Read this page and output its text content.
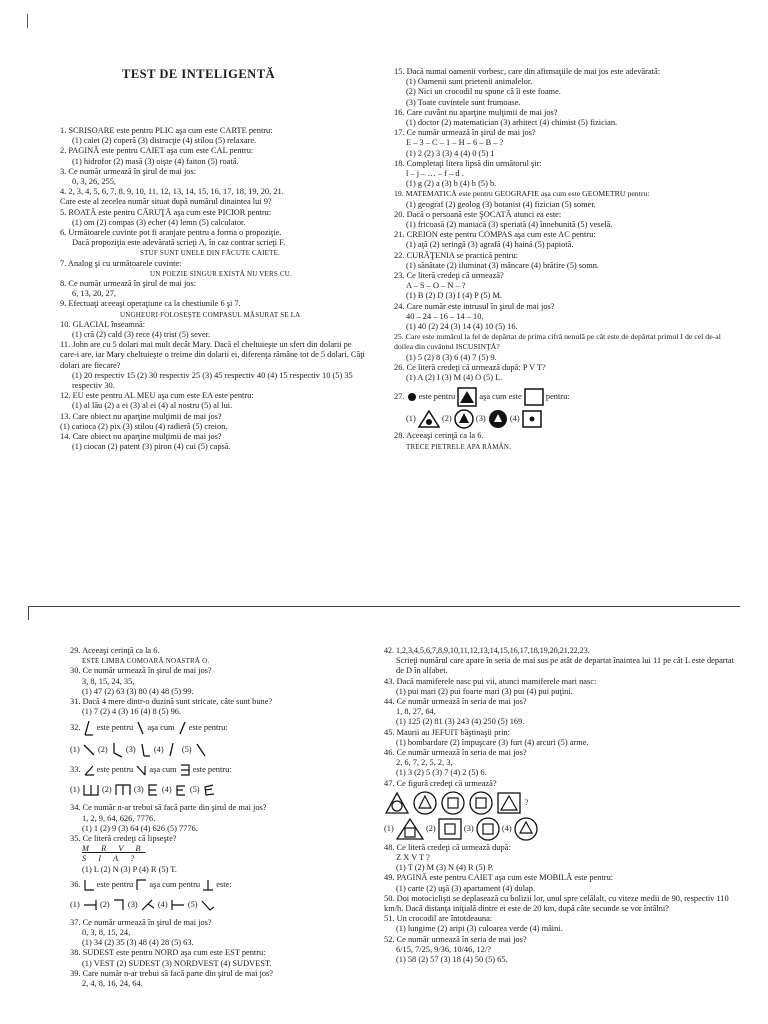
TEST DE INTELIGENTĂ

1. SCRISOARE este pentru PLIC aşa cum este CARTE pentru:

(1) caiet (2) coperă (3) distracţie (4) stilou (5) relaxare.

2. PAGINĂ este pentru CAIET aşa cum este CAL pentru:

(1) hidrofor (2) masă (3) oişte (4) faiton (5) roată.

3. Ce număr urmează în şirul de mai jos:

0, 3, 26, 255,

4. 2, 3, 4, 5, 6, 7, 8, 9, 10, 11, 12, 13, 14, 15, 16, 17, 18, 19, 20, 21.

Care este al zecelea număr situat după numărul dinaintea lui 9?

5. ROATĂ este pentru CĂRUŢĂ aşa cum este PICIOR pentru:

(1) om (2) compas (3) echer (4) lemn (5) calculator.

6. Următoarele cuvinte pot fi aranjate pentru a forma o propoziţie.

Dacă propoziţia este adevărată scrieţi A, în caz contrar scrieţi F.

STUF SUNT UNELE DIN FĂCUTE CAIETE.

7. Analog şi cu următoarele cuvinte:

UN POEZIE SINGUR EXISTĂ NU VERS CU.

8. Ce număr urmează în şirul de mai jos:

6, 13, 20, 27,

9. Efectuaţi aceeaşi operaţiune ca la chestiunile 6 şi 7.

UNGHEURI FOLOSEŞTE COMPASUL MĂSURAT SE LA

10. GLACIAL înseamnă:

(1) cră (2) cald (3) rece (4) trist (5) sever.

11. John are cu 5 dolari mai mult decât Mary. Dacă el cheltuieşte un sfert din dolarii pe care-i are, iar Mary cheltuieşte o treime din dolarii ei, diferenţa rămâne tot de 5 dolari. Câţi dolari are fiecare?

(1) 20 respectiv 15 (2) 30 respectiv 25 (3) 45 respectiv 40 (4) 15 respectiv 10 (5) 35 respectiv 30.

12. EU este pentru AL MEU aşa cum este EA este pentru:

(1) al lău (2) a ei (3) al ei (4) al nostru (5) al lui.

13. Care obiect nu aparţine mulţimii de mai jos?

(1) carioca (2) pix (3) stilou (4) radieră (5) creion.

14. Care obiect nu aparţine mulţimii de mai jos?

(1) ciocan (2) patent (3) piron (4) cui (5) capsă.

15. Dacă numai oamenii vorbesc, care din afirmaţiile de mai jos este adevărată:

(1) Oamenii sunt prietenii animalelor.

(2) Nici un crocodil nu spune că îi este foame.

(3) Toate cuvintele sunt frumoase.

16. Care cuvânt nu aparţine mulţimii de mai jos?

(1) doctor (2) matematician (3) arhitect (4) chimist (5) fizician.

17. Ce număr urmează în şirul de mai jos?

E – 3 – C – 1 – H – 6 – B – ?

(1) 2 (2) 3 (3) 4 (4) 0 (5) 1

18. Completaţi litera lipsă din următorul şir:

l – j – … – f – d .

(1) g (2) a (3) b (4) h (5) b.

19. MATEMATICĂ este pentru GEOGRAFIE aşa cum este GEOMETRU pentru:

(1) geograf (2) geolog (3) botanist (4) fizician (5) somer.

20. Dacă o persoană este ŞOCATĂ atunci ea este:

(1) fricoasă (2) maniacă (3) speriată (4) înnebunită (5) veselă.

21. CREION este pentru COMPAS aşa cum este AC pentru:

(1) aţă (2) seringă (3) agrafă (4) haină (5) papiotă.

22. CURĂŢENIA se practică pentru:

(1) sănătate (2) iluminat (3) mâncare (4) brătire (5) somn.

23. Ce literă credeţi că urmează?

A – S – O – N – ?

(1) B (2) D (3) I (4) P (5) M.

24. Care număr este intrusul în şirul de mai jos?

40 – 24 – 16 – 14 – 10.

(1) 40 (2) 24 (3) 14 (4) 10 (5) 16.

25. Care este numărul la fel de depărtat de prima cifră nenulă pe cât este de depărtat primul I de cel de-al doilea din cuvântul ISCUSINŢĂ?

(1) 5 (2) 8 (3) 6 (4) 7 (5) 9.

26. Ce literă credeţi că urmează după: P V T?

(1) A (2) I (3) M (4) O (5) L.

27. este pentru	aşa cum este	pentru:
(1)	(2)	(3)	(4)

28. Aceeaşi cerinţă ca la 6.

TRECE PIETRELE APA RĂMÂN.

29. Aceeaşi cerinţă ca la 6.

ESTE LIMBA COMOARĂ NOASTRĂ O.

30. Ce număr urmează în şirul de mai jos?

3, 8, 15, 24, 35,

(1) 47 (2) 63 (3) 80 (4) 48 (5) 99.

31. Dacă 4 mere dintr-o duzină sunt stricate, câte sunt bune?

(1) 7 (2) 4 (3) 16 (4) 8 (5) 96.

32. este pentru aşa cum este pentru:
(1) (2) (3) (4) (5)
33. este pentru aşa cum este pentru:
(1)	(2)	(3) (4) (5)

34. Ce număr n-ar trebui să facă parte din şirul de mai jos?

1, 2, 9, 64, 626, 7776.

(1) 1 (2) 9 (3) 64 (4) 626 (5) 7776.

35. Ce literă credeţi că lipseşte?

M R V B

S I A ?

(1) L (2) N (3) P (4) R (5) T.

36. este pentru aşa cum pentru este:
(1) (2) (3) (4) (5)

37. Ce număr urmează în şirul de mai jos?

0, 3, 8, 15, 24,

(1) 34 (2) 35 (3) 48 (4) 28 (5) 63.

38. SUDEST este pentru NORD aşa cum este EST pentru:

(1) VEST (2) SUDEST (3) NORDVEST (4) SUDVEST.

39. Care număr n-ar trebui să facă parte din şirul de mai jos?

2, 4, 8, 16, 24, 64.

42. 1,2,3,4,5,6,7,8,9,10,11,12,13,14,15,16,17,18,19,20,21,22,23.

Scrieţi numărul care apare în seria de mai sus pe atât de departat înaintea lui 11 pe cât L este departat de D în alfabet.

43. Dacă mamiferele nasc pui vii, atunci mamiferele mari nasc:

(1) pui mari (2) pui foarte mari (3) pui (4) pui puţini.

44. Ce număr urmează în seria de mai jos?

1, 8, 27, 64,

(1) 125 (2) 81 (3) 243 (4) 250 (5) 169.

45. Maurii au JEFUIT băştinaşii prin:

(1) bombardare (2) împuşcare (3) furt (4) arcuri (5) arme.

46. Ce număr urmează în seria de mai jos?

2, 6, 7, 2, 5, 2, 3,

(1) 3 (2) 5 (3) 7 (4) 2 (5) 6.

47. Ce figură credeţi că urmează?

?
(1)	(2)	(3)	(4)

48. Ce literă credeţi că urmează după:

Z X V T ?

(1) T (2) M (3) N (4) R (5) P.

49. PAGINĂ este pentru CAIET aşa cum este MOBILĂ este pentru:

(1) carte (2) uşă (3) apartament (4) dulap.

50. Doi motociclişti se deplasează cu bolizii lor, unul spre celălalt, cu viteze medii de 90, respectiv 110 km/h. Dacă distanţa iniţială dintre ei este de 20 km, după câte secunde se vor întâlni?

51. Un crocodil are întotdeauna:

(1) lungime (2) aripi (3) culoarea verde (4) mâini.

52. Ce număr urmează în seria de mai jos?

6/15, 7/25, 9/36, 10/46, 12/?

(1) 58 (2) 57 (3) 18 (4) 50 (5) 65.
